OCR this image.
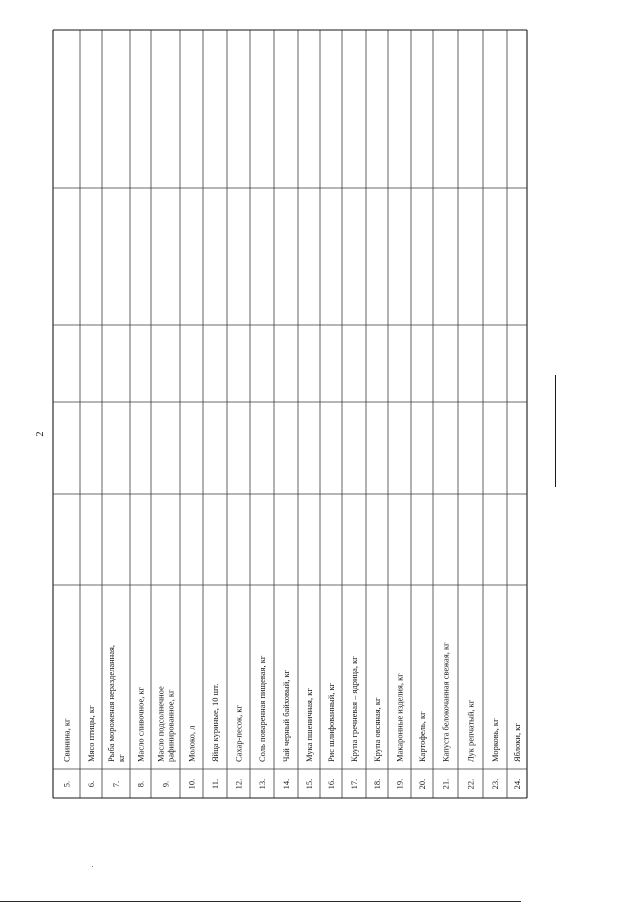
2
5.
Свинина, кг
6.
Мясо птицы, кг
7.
Рыба мороженая неразделанная, кг
8.
Масло сливочное, кг
9.
Масло подсолнечное рафинированное, кг
10.
Молоко, л
11.
Яйца куриные, 10 шт.
12.
Сахар-песок, кг
13.
Соль поваренная пищевая, кг
14.
Чай черный байховый, кг
15.
Мука пшеничная, кг
16.
Рис шлифованный, кг
17.
Крупа гречневая – ядрица, кг
18.
Крупа овсяная, кг
19.
Макаронные изделия, кг
20.
Картофель, кг
21.
Капуста белокочанная свежая, кг
22.
Лук репчатый, кг
23.
Морковь, кг
24.
Яблоки, кг
